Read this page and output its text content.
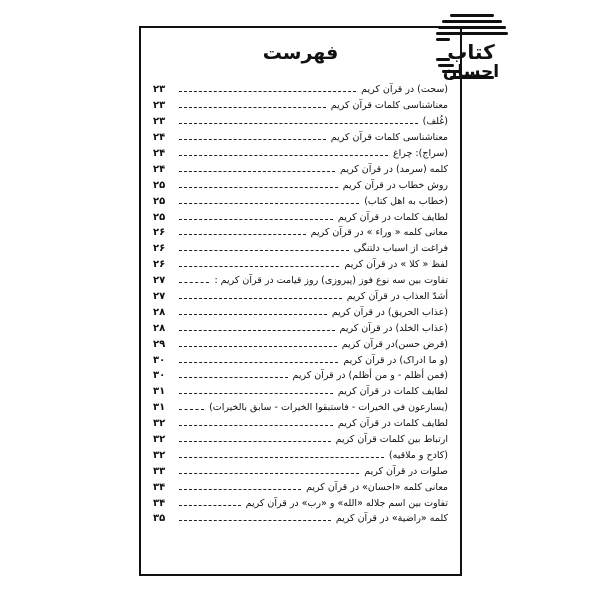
فهرست
(سحت) در قرآن کریم
۲۳
معناشناسی کلمات قرآن کریم
۲۳
(غُلف)
۲۳
معناشناسی کلمات قرآن کریم
۲۴
(سراج): چراغ
۲۴
کلمه (سرمد) در قرآن کریم
۲۴
روش خطاب در قرآن کریم
۲۵
(خطاب به اهل کتاب)
۲۵
لطایف کلمات در قرآن کریم
۲۵
معانی کلمه « وراء » در قرآن کریم
۲۶
فراغت از اسباب دلتنگی
۲۶
لفظ « کلا » در قرآن کریم
۲۶
تفاوت بین سه نوع فوز (پیروزی) روز قیامت در قرآن کریم :
۲۷
أشدّ العذاب در قرآن کریم
۲۷
(عذاب الحریق) در قرآن کریم
۲۸
(عذاب الخلد) در قرآن کریم
۲۸
(قرض حسن)در قرآن کریم
۲۹
(و ما ادراک) در قرآن کریم
۳۰
(فمن أظلم - و من أظلم) در قرآن کریم
۳۰
لطایف کلمات در قرآن کریم
۳۱
(یسارعون فی الخیرات - فاستبقوا الخیرات - سابق بالخیرات)
۳۱
لطایف کلمات در قرآن کریم
۳۲
ارتباط بین کلمات قرآن کریم
۳۲
(کادح و ملاقیه)
۳۲
صلوات در قرآن کریم
۳۳
معانی کلمه «احسان» در قرآن کریم
۳۴
تفاوت بین اسم جلاله «الله» و «رب» در قرآن کریم
۳۴
کلمه «راضیة» در قرآن کریم
۳۵
کتاب
احسان
